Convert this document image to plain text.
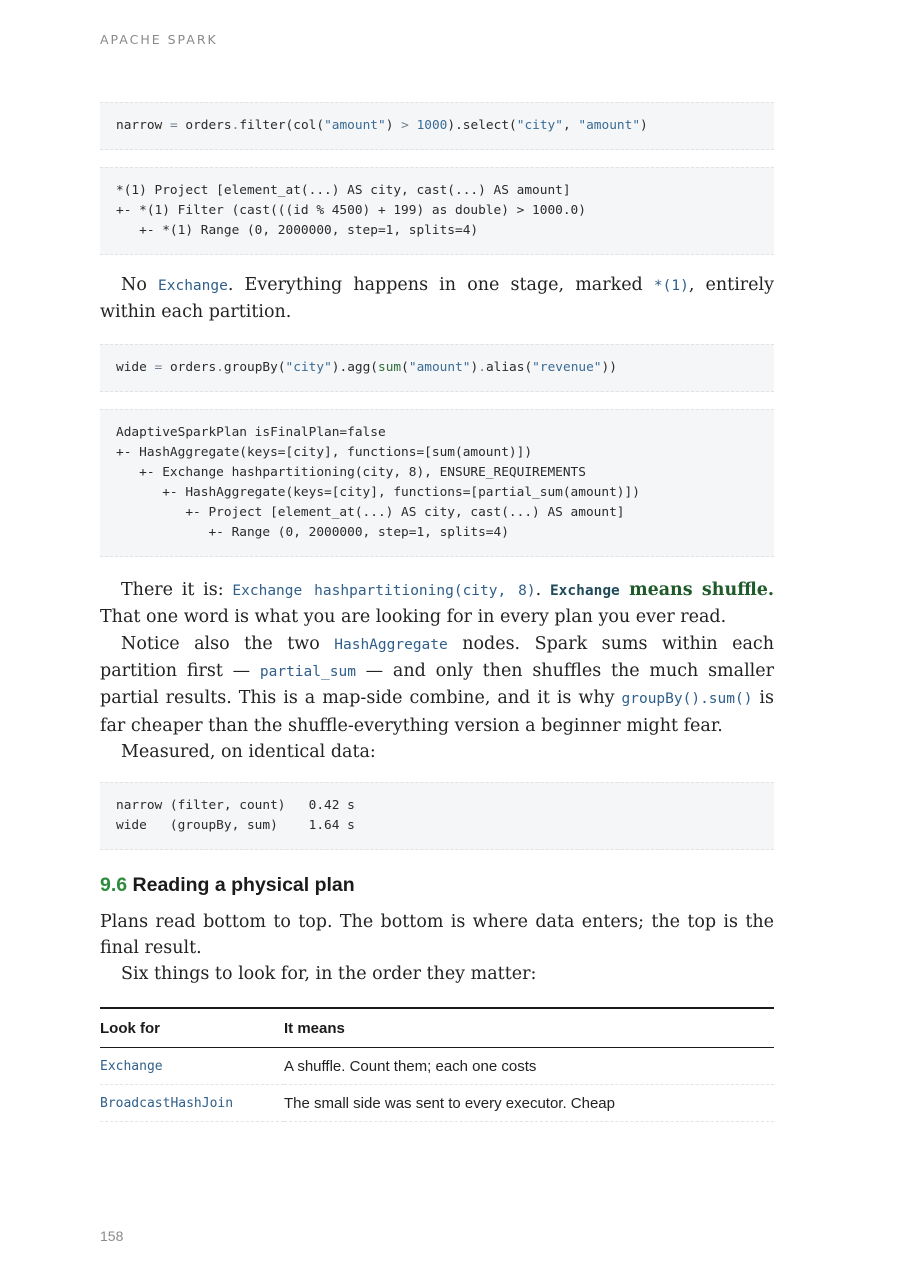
APACHE SPARK
narrow = orders.filter(col("amount") > 1000).select("city", "amount")
*(1) Project [element_at(...) AS city, cast(...) AS amount]
+- *(1) Filter (cast(((id % 4500) + 199) as double) > 1000.0)
+- *(1) Range (0, 2000000, step=1, splits=4)

No Exchange. Everything happens in one stage, marked *(1), entirely within each partition.

wide = orders.groupBy("city").agg(sum("amount").alias("revenue"))
AdaptiveSparkPlan isFinalPlan=false
+- HashAggregate(keys=[city], functions=[sum(amount)])
+- Exchange hashpartitioning(city, 8), ENSURE_REQUIREMENTS
+- HashAggregate(keys=[city], functions=[partial_sum(amount)])
+- Project [element_at(...) AS city, cast(...) AS amount]
+- Range (0, 2000000, step=1, splits=4)

There it is: Exchange hashpartitioning(city, 8). Exchange means shuffle. That one word is what you are looking for in every plan you ever read.

Notice also the two HashAggregate nodes. Spark sums within each partition first — partial_sum — and only then shuffles the much smaller partial results. This is a map-side combine, and it is why groupBy().sum() is far cheaper than the shuffle-everything version a beginner might fear.

Measured, on identical data:

narrow (filter, count)   0.42 s
wide   (groupBy, sum)    1.64 s
9.6 Reading a physical plan

Plans read bottom to top. The bottom is where data enters; the top is the final result.

Six things to look for, in the order they matter:

Look for	It means
Exchange	A shuffle. Count them; each one costs
BroadcastHashJoin	The small side was sent to every executor. Cheap
158
